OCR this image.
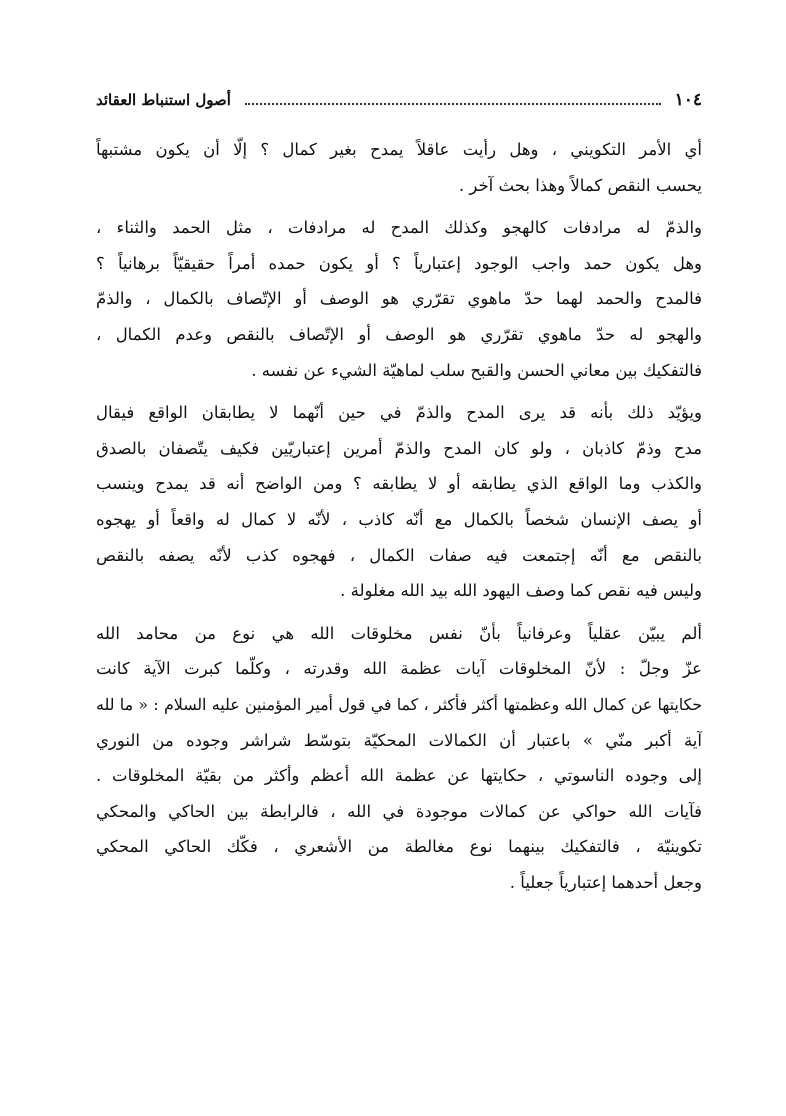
١٠٤
أصول استنباط العقائد

أي الأمر التكويني ، وهل رأيت عاقلاً يمدح بغير كمال ؟ إلّا أن يكون مشتبهاً
يحسب النقص كمالاً وهذا بحث آخر .

والذمّ له مرادفات كالهجو وكذلك المدح له مرادفات ، مثل الحمد والثناء ،
وهل يكون حمد واجب الوجود إعتبارياً ؟ أو يكون حمده أمراً حقيقيّاً برهانياً ؟
فالمدح والحمد لهما حدّ ماهوي تقرّري هو الوصف أو الإتّصاف بالكمال ، والذمّ
والهجو له حدّ ماهوي تقرّري هو الوصف أو الإتّصاف بالنقص وعدم الكمال ،
فالتفكيك بين معاني الحسن والقبح سلب لماهيّة الشيء عن نفسه .

ويؤيّد ذلك بأنه قد يرى المدح والذمّ في حين أنّهما لا يطابقان الواقع فيقال
مدح وذمّ كاذبان ، ولو كان المدح والذمّ أمرين إعتباريّين فكيف يتّصفان بالصدق
والكذب وما الواقع الذي يطابقه أو لا يطابقه ؟ ومن الواضح أنه قد يمدح وينسب
أو يصف الإنسان شخصاً بالكمال مع أنّه كاذب ، لأنّه لا كمال له واقعاً أو يهجوه
بالنقص مع أنّه إجتمعت فيه صفات الكمال ، فهجوه كذب لأنّه يصفه بالنقص
وليس فيه نقص كما وصف اليهود الله بيد الله مغلولة .

ألم يبيّن عقلياً وعرفانياً بأنّ نفس مخلوقات الله هي نوع من محامد الله
عزّ وجلّ : لأنّ المخلوقات آيات عظمة الله وقدرته ، وكلّما كبرت الآية كانت
حكايتها عن كمال الله وعظمتها أكثر فأكثر ، كما في قول أمير المؤمنين عليه السلام : « ما لله
آية أكبر منّي » باعتبار أن الكمالات المحكيّة بتوسّط شراشر وجوده من النوري
إلى وجوده الناسوتي ، حكايتها عن عظمة الله أعظم وأكثر من بقيّة المخلوقات .
فآيات الله حواكي عن كمالات موجودة في الله ، فالرابطة بين الحاكي والمحكي
تكوينيّة ، فالتفكيك بينهما نوع مغالطة من الأشعري ، فكّك الحاكي المحكي
وجعل أحدهما إعتبارياً جعلياً .
